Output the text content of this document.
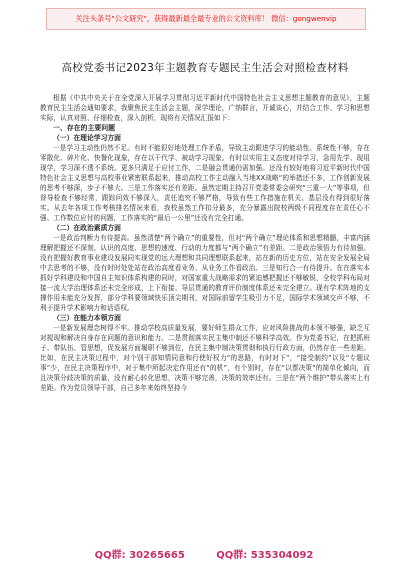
关注头条号"公文研究"，获得最新最全最专业的公文资料库！ 微信：gongwenvip
高校党委书记2023年主题教育专题民主生活会对照检查材料

根据《中共中央关于在全党深入开展学习贯彻习近平新时代中国特色社会主义思想主题教育的意见》，主题教育民主生活会通知要求，我聚焦民主生活会主题，深学理论，广纳群言，开诚谈心，并结合工作、学习和思想实际，认真对照、仔细检查，深入剖析，现将有关情况汇报如下：

一、存在的主要问题

（一）在理论学习方面

一是学习主动性仍然不足。有时不能很好地处理工作矛盾，导致主动跟进学习的能动性、系统性不够，存在零散化、碎片化、快餐化现象，存在以干代学、被动学习现象。有时以实用主义态度对待学习，急用先学、现用现学，学习深不透不系统。更多只满足于应付工作，二是融会贯通仍需加强。还没有较好地将习近平新时代中国特色社会主义思想与高校事业紧密联系起来，推动高校工作主动融入当地XX战略“的举措还不多，工作创新发展的思考不够深，步子不够大。三是工作落实还有差距。虽然定期主持召开党委常委会研究“三重一大”等事项，但督导检查不够经常，跟踪问效不够深入，责任追究不够严格，导致有些工作措施在机关、基层没有得到很好落实。从去年各项工作考核排名情况来看，我校虽然工作扣分最多，充分暴露出院校两级不同程度存在责任心不强、工作数位应付的问题，工作落实的“最后一公里”还没有完全打通。

（二）在政治素质方面

一是政治判断力有待提高。虽然清楚“两个确立”的重要性，但对“两个确立”理论体系和思想精髓，丰富内涵理解把握还不深刻，认识的高度、思想的速度、行动的力度都与“两个确立”有差距。二是政治领悟力有待加强。没有把握好教育事业建设发展同实现党的远大理想和共同理想联系起来，站在新的历史方位，站在安全发展全局中去思考的不够，没有时时处处站在政治高度看业务、从业务工作看政治。三是知行合一有待提升。在在落实本抓好学科建设和中国自主知识体系构建的同时，对国家重大战略需求的紧迫感把握还不够敏锐，全校学科布局对接一流大学治理体系还未完全形成，上下衔接、导层贯通的教育评价制度体系还未完全建立。现有学术阵地的支撑作用未能充分发挥，部分学科要领域快乐顶尖期刊，对国际前留学生吸引力不足，国际学术领域交声不够，不利于提升学术影响力和话语权。

（三）在能力本领方面

一是新发展理念树得不牢。推动学校高质量发展，要好师生群众工作，应对风险挑战的本领不够强，缺乏互对搅现和解决自身存在问题的意识和能力。二是贯彻落实民主集中制还不够科学高效。作为党委书记，在把抓班子、带队伍、管思想，促发展方面履职不够到位，在民主集中制决策贯彻和执行行政方面，仍然存在一些差距。比如，在民主决策过程中，对个别干部知情同意和行使好权力“的思路，有时对下”，“接受制约”以及“专题议事”少，在民主决策程序中，对于集中所起决定作用还有“的机”，有个别时，存在“以票决策”的简单化倾向，而且决策分歧决策的质量，没有耐心转化思想，决策不够完善，决策的效率还有。三是在“两个维护”带头落实上有差距。作为党员领导干部，自己多年来始终坚持今

QQ群: 30265665	QQ群: 535304092
